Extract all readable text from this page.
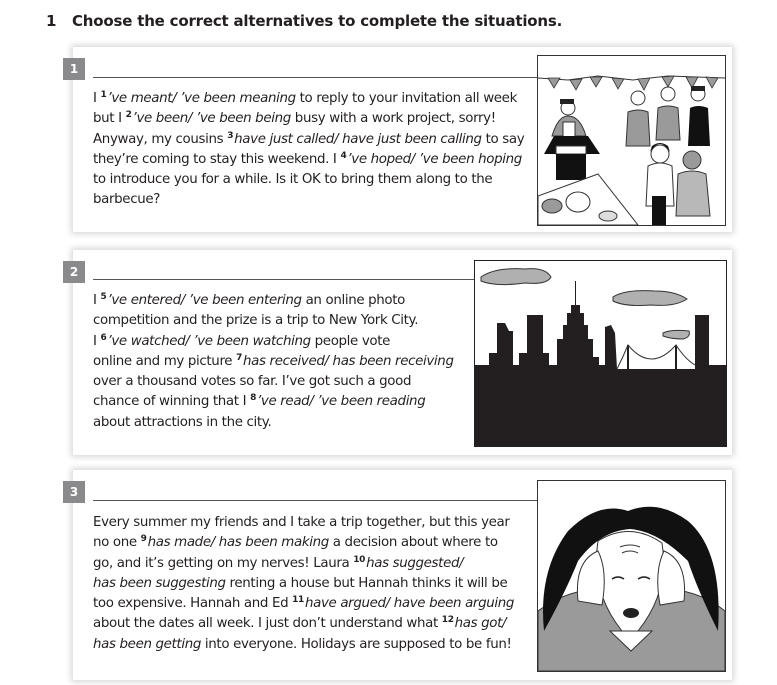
1 Choose the correct alternatives to complete the situations.
1
I $^1$’ve meant/ ’ve been meaning to reply to your invitation all week
but I $^2$’ve been/ ’ve been being busy with a work project, sorry!
Anyway, my cousins $^3$have just called/ have just been calling to say
they’re coming to stay this weekend. I $^4$’ve hoped/ ’ve been hoping
to introduce you for a while. Is it OK to bring them along to the
barbecue?
2
I $^5$’ve entered/ ’ve been entering an online photo
competition and the prize is a trip to New York City.
I $^6$’ve watched/ ’ve been watching people vote
online and my picture $^7$has received/ has been receiving
over a thousand votes so far. I’ve got such a good
chance of winning that I $^8$’ve read/ ’ve been reading
about attractions in the city.
3
Every summer my friends and I take a trip together, but this year
no one $^9$has made/ has been making a decision about where to
go, and it’s getting on my nerves! Laura $^{10}$has suggested/
has been suggesting renting a house but Hannah thinks it will be
too expensive. Hannah and Ed $^{11}$have argued/ have been arguing
about the dates all week. I just don’t understand what $^{12}$has got/
has been getting into everyone. Holidays are supposed to be fun!
